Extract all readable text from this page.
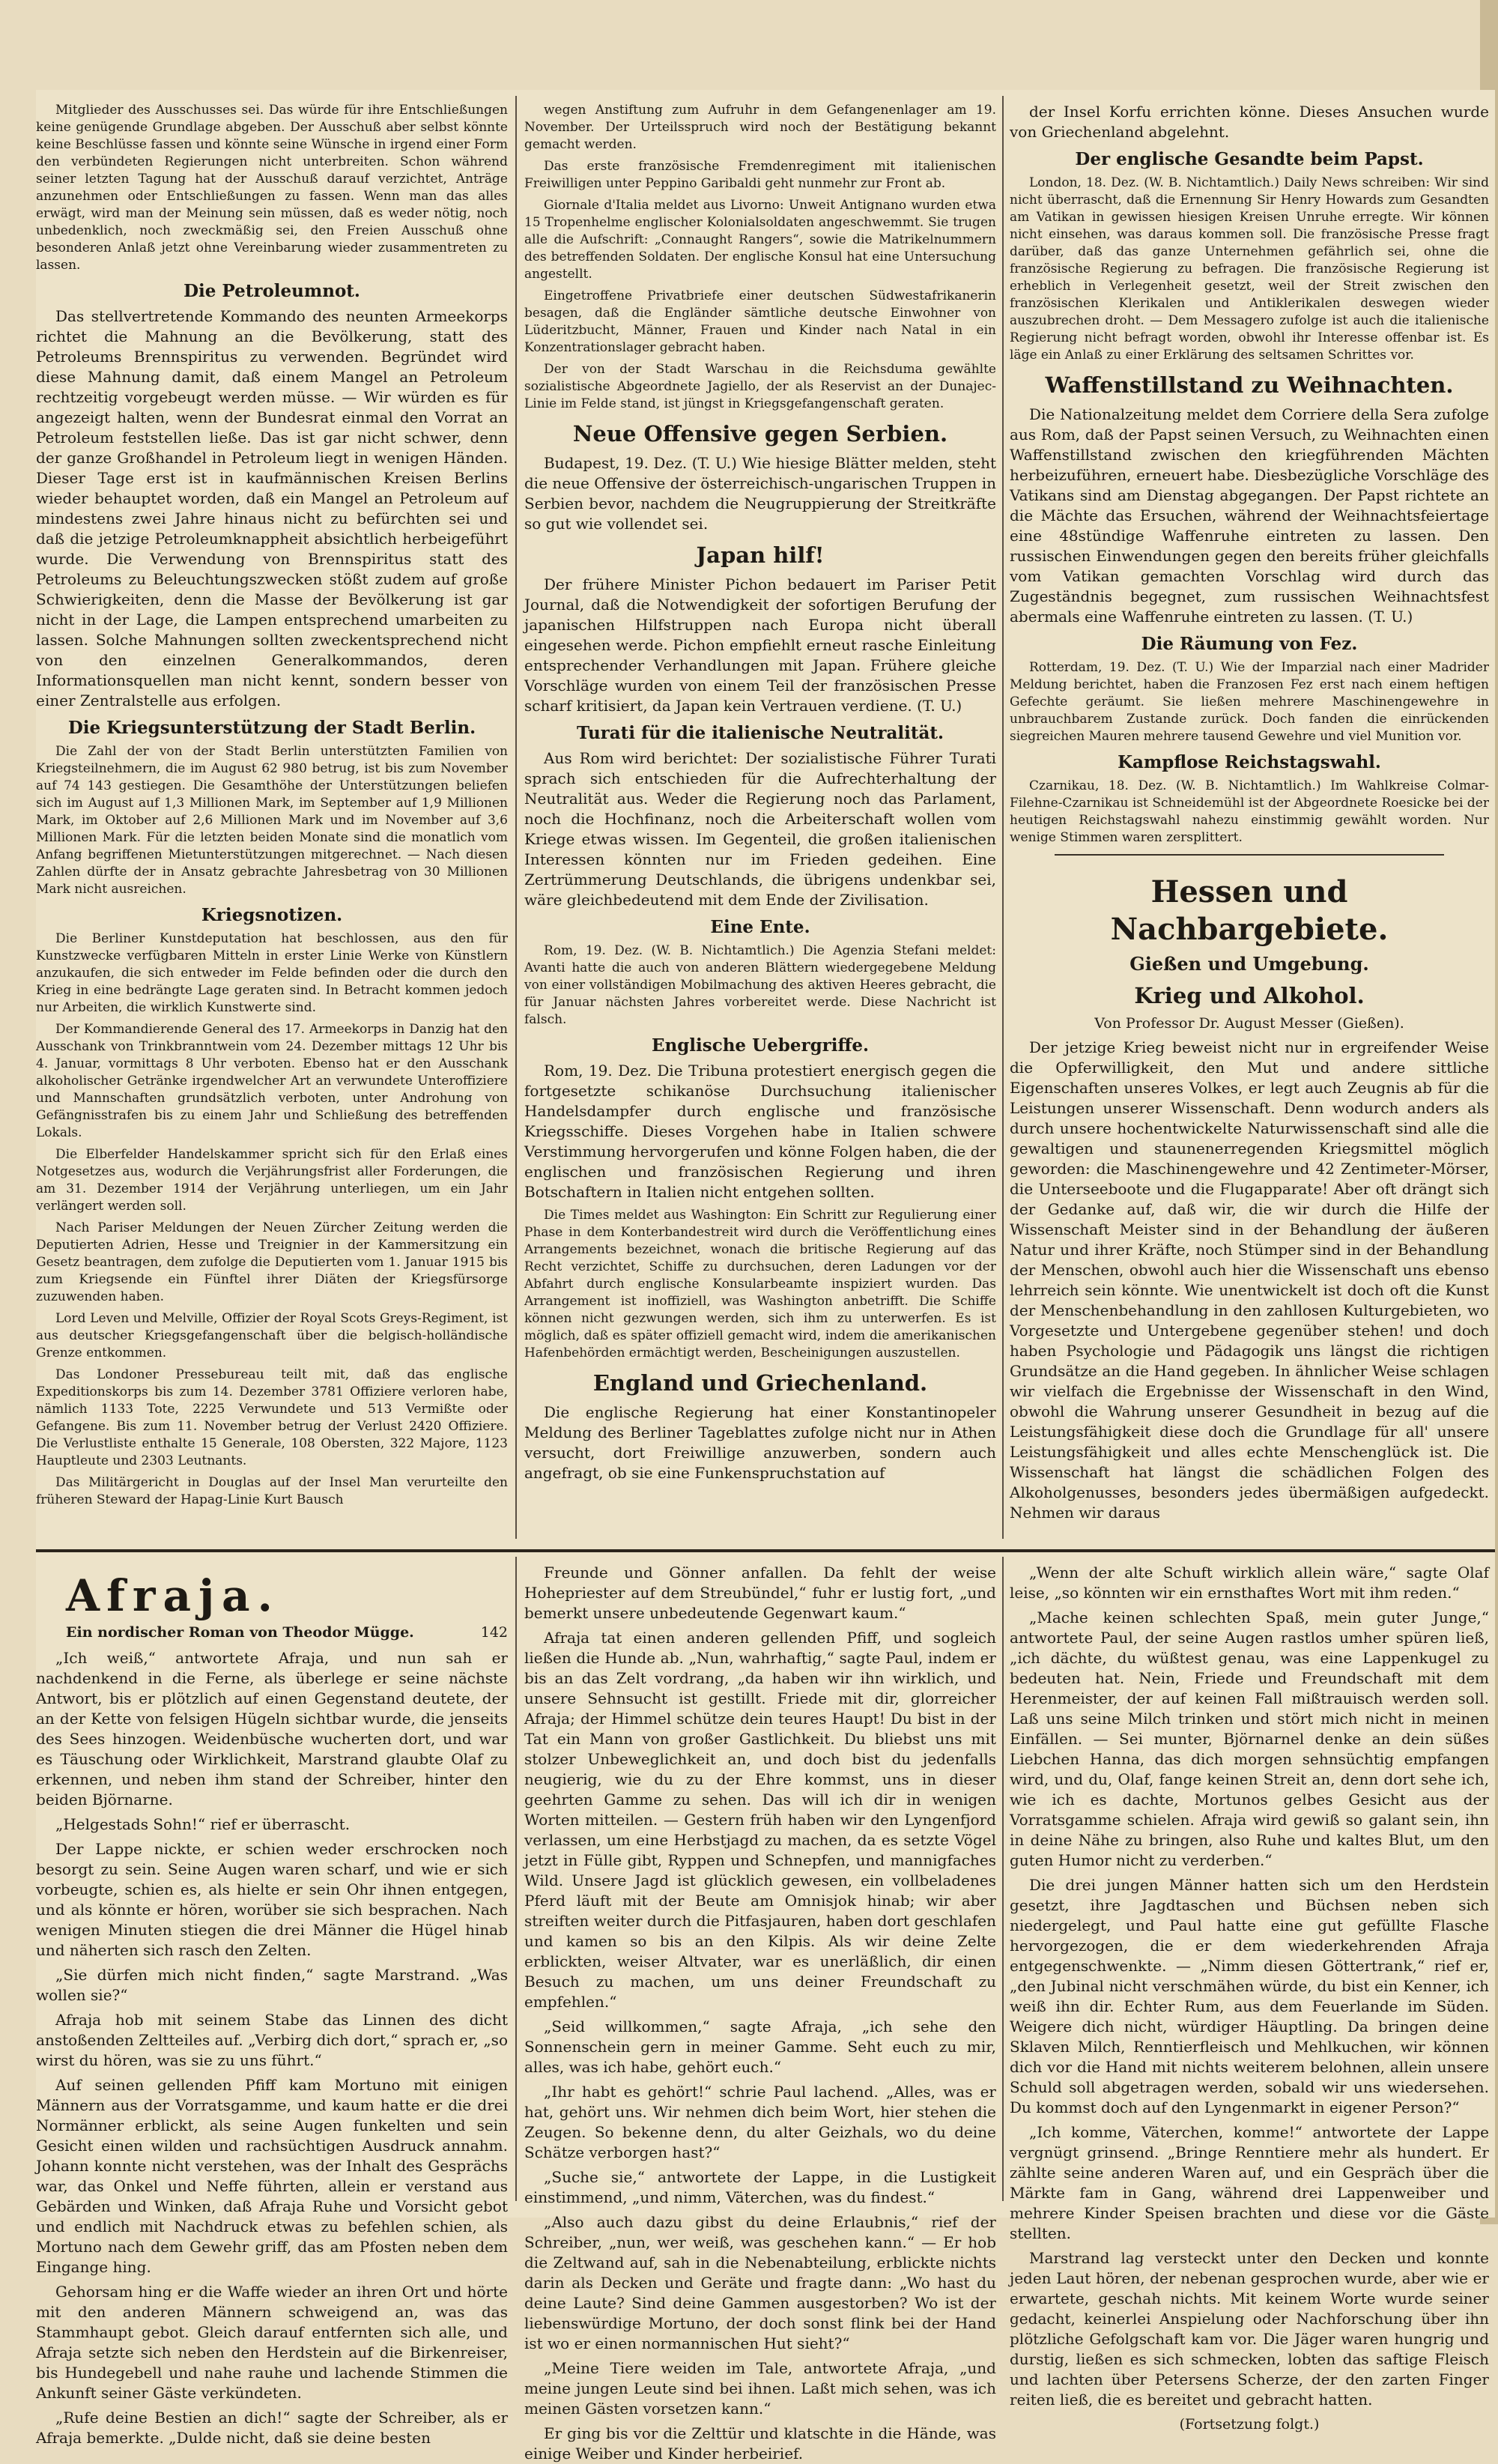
Mitglieder des Ausschusses sei. Das würde für ihre Entschließungen keine genügende Grundlage abgeben. Der Ausschuß aber selbst könnte keine Beschlüsse fassen und könnte seine Wünsche in irgend einer Form den verbündeten Regierungen nicht unterbreiten. Schon während seiner letzten Tagung hat der Ausschuß darauf verzichtet, Anträge anzunehmen oder Entschließungen zu fassen. Wenn man das alles erwägt, wird man der Meinung sein müssen, daß es weder nötig, noch unbedenklich, noch zweckmäßig sei, den Freien Ausschuß ohne besonderen Anlaß jetzt ohne Vereinbarung wieder zusammentreten zu lassen.

Die Petroleumnot.

Das stellvertretende Kommando des neunten Armeekorps richtet die Mahnung an die Bevölkerung, statt des Petroleums Brennspiritus zu verwenden. Begründet wird diese Mahnung damit, daß einem Mangel an Petroleum rechtzeitig vorgebeugt werden müsse. — Wir würden es für angezeigt halten, wenn der Bundesrat einmal den Vorrat an Petroleum feststellen ließe. Das ist gar nicht schwer, denn der ganze Großhandel in Petroleum liegt in wenigen Händen. Dieser Tage erst ist in kaufmännischen Kreisen Berlins wieder behauptet worden, daß ein Mangel an Petroleum auf mindestens zwei Jahre hinaus nicht zu befürchten sei und daß die jetzige Petroleumknappheit absichtlich herbeigeführt wurde. Die Verwendung von Brennspiritus statt des Petroleums zu Beleuchtungszwecken stößt zudem auf große Schwierigkeiten, denn die Masse der Bevölkerung ist gar nicht in der Lage, die Lampen entsprechend umarbeiten zu lassen. Solche Mahnungen sollten zweckentsprechend nicht von den einzelnen Generalkommandos, deren Informationsquellen man nicht kennt, sondern besser von einer Zentralstelle aus erfolgen.

Die Kriegsunterstützung der Stadt Berlin.

Die Zahl der von der Stadt Berlin unterstützten Familien von Kriegsteilnehmern, die im August 62 980 betrug, ist bis zum November auf 74 143 gestiegen. Die Gesamthöhe der Unterstützungen beliefen sich im August auf 1,3 Millionen Mark, im September auf 1,9 Millionen Mark, im Oktober auf 2,6 Millionen Mark und im November auf 3,6 Millionen Mark. Für die letzten beiden Monate sind die monatlich vom Anfang begriffenen Mietunterstützungen mitgerechnet. — Nach diesen Zahlen dürfte der in Ansatz gebrachte Jahresbetrag von 30 Millionen Mark nicht ausreichen.

Kriegsnotizen.

Die Berliner Kunstdeputation hat beschlossen, aus den für Kunstzwecke verfügbaren Mitteln in erster Linie Werke von Künstlern anzukaufen, die sich entweder im Felde befinden oder die durch den Krieg in eine bedrängte Lage geraten sind. In Betracht kommen jedoch nur Arbeiten, die wirklich Kunstwerte sind.

Der Kommandierende General des 17. Armeekorps in Danzig hat den Ausschank von Trinkbranntwein vom 24. Dezember mittags 12 Uhr bis 4. Januar, vormittags 8 Uhr verboten. Ebenso hat er den Ausschank alkoholischer Getränke irgendwelcher Art an verwundete Unteroffiziere und Mannschaften grundsätzlich verboten, unter Androhung von Gefängnisstrafen bis zu einem Jahr und Schließung des betreffenden Lokals.

Die Elberfelder Handelskammer spricht sich für den Erlaß eines Notgesetzes aus, wodurch die Verjährungsfrist aller Forderungen, die am 31. Dezember 1914 der Verjährung unterliegen, um ein Jahr verlängert werden soll.

Nach Pariser Meldungen der Neuen Zürcher Zeitung werden die Deputierten Adrien, Hesse und Treignier in der Kammersitzung ein Gesetz beantragen, dem zufolge die Deputierten vom 1. Januar 1915 bis zum Kriegsende ein Fünftel ihrer Diäten der Kriegsfürsorge zuzuwenden haben.

Lord Leven und Melville, Offizier der Royal Scots Greys-Regiment, ist aus deutscher Kriegsgefangenschaft über die belgisch-holländische Grenze entkommen.

Das Londoner Pressebureau teilt mit, daß das englische Expeditionskorps bis zum 14. Dezember 3781 Offiziere verloren habe, nämlich 1133 Tote, 2225 Verwundete und 513 Vermißte oder Gefangene. Bis zum 11. November betrug der Verlust 2420 Offiziere. Die Verlustliste enthalte 15 Generale, 108 Obersten, 322 Majore, 1123 Hauptleute und 2303 Leutnants.

Das Militärgericht in Douglas auf der Insel Man verurteilte den früheren Steward der Hapag-Linie Kurt Bausch

wegen Anstiftung zum Aufruhr in dem Gefangenenlager am 19. November. Der Urteilsspruch wird noch der Bestätigung bekannt gemacht werden.

Das erste französische Fremdenregiment mit italienischen Freiwilligen unter Peppino Garibaldi geht nunmehr zur Front ab.

Giornale d'Italia meldet aus Livorno: Unweit Antignano wurden etwa 15 Tropenhelme englischer Kolonialsoldaten angeschwemmt. Sie trugen alle die Aufschrift: „Connaught Rangers“, sowie die Matrikelnummern des betreffenden Soldaten. Der englische Konsul hat eine Untersuchung angestellt.

Eingetroffene Privatbriefe einer deutschen Südwestafrikanerin besagen, daß die Engländer sämtliche deutsche Einwohner von Lüderitzbucht, Männer, Frauen und Kinder nach Natal in ein Konzentrationslager gebracht haben.

Der von der Stadt Warschau in die Reichsduma gewählte sozialistische Abgeordnete Jagiello, der als Reservist an der Dunajec-Linie im Felde stand, ist jüngst in Kriegsgefangenschaft geraten.

Neue Offensive gegen Serbien.

Budapest, 19. Dez. (T. U.) Wie hiesige Blätter melden, steht die neue Offensive der österreichisch-ungarischen Truppen in Serbien bevor, nachdem die Neugruppierung der Streitkräfte so gut wie vollendet sei.

Japan hilf!

Der frühere Minister Pichon bedauert im Pariser Petit Journal, daß die Notwendigkeit der sofortigen Berufung der japanischen Hilfstruppen nach Europa nicht überall eingesehen werde. Pichon empfiehlt erneut rasche Einleitung entsprechender Verhandlungen mit Japan. Frühere gleiche Vorschläge wurden von einem Teil der französischen Presse scharf kritisiert, da Japan kein Vertrauen verdiene. (T. U.)

Turati für die italienische Neutralität.

Aus Rom wird berichtet: Der sozialistische Führer Turati sprach sich entschieden für die Aufrechterhaltung der Neutralität aus. Weder die Regierung noch das Parlament, noch die Hochfinanz, noch die Arbeiterschaft wollen vom Kriege etwas wissen. Im Gegenteil, die großen italienischen Interessen könnten nur im Frieden gedeihen. Eine Zertrümmerung Deutschlands, die übrigens undenkbar sei, wäre gleichbedeutend mit dem Ende der Zivilisation.

Eine Ente.

Rom, 19. Dez. (W. B. Nichtamtlich.) Die Agenzia Stefani meldet: Avanti hatte die auch von anderen Blättern wiedergegebene Meldung von einer vollständigen Mobilmachung des aktiven Heeres gebracht, die für Januar nächsten Jahres vorbereitet werde. Diese Nachricht ist falsch.

Englische Uebergriffe.

Rom, 19. Dez. Die Tribuna protestiert energisch gegen die fortgesetzte schikanöse Durchsuchung italienischer Handelsdampfer durch englische und französische Kriegsschiffe. Dieses Vorgehen habe in Italien schwere Verstimmung hervorgerufen und könne Folgen haben, die der englischen und französischen Regierung und ihren Botschaftern in Italien nicht entgehen sollten.

Die Times meldet aus Washington: Ein Schritt zur Regulierung einer Phase in dem Konterbandestreit wird durch die Veröffentlichung eines Arrangements bezeichnet, wonach die britische Regierung auf das Recht verzichtet, Schiffe zu durchsuchen, deren Ladungen vor der Abfahrt durch englische Konsularbeamte inspiziert wurden. Das Arrangement ist inoffiziell, was Washington anbetrifft. Die Schiffe können nicht gezwungen werden, sich ihm zu unterwerfen. Es ist möglich, daß es später offiziell gemacht wird, indem die amerikanischen Hafenbehörden ermächtigt werden, Bescheinigungen auszustellen.

England und Griechenland.

Die englische Regierung hat einer Konstantinopeler Meldung des Berliner Tageblattes zufolge nicht nur in Athen versucht, dort Freiwillige anzuwerben, sondern auch angefragt, ob sie eine Funkenspruchstation auf

der Insel Korfu errichten könne. Dieses Ansuchen wurde von Griechenland abgelehnt.

Der englische Gesandte beim Papst.

London, 18. Dez. (W. B. Nichtamtlich.) Daily News schreiben: Wir sind nicht überrascht, daß die Ernennung Sir Henry Howards zum Gesandten am Vatikan in gewissen hiesigen Kreisen Unruhe erregte. Wir können nicht einsehen, was daraus kommen soll. Die französische Presse fragt darüber, daß das ganze Unternehmen gefährlich sei, ohne die französische Regierung zu befragen. Die französische Regierung ist erheblich in Verlegenheit gesetzt, weil der Streit zwischen den französischen Klerikalen und Antiklerikalen deswegen wieder auszubrechen droht. — Dem Messagero zufolge ist auch die italienische Regierung nicht befragt worden, obwohl ihr Interesse offenbar ist. Es läge ein Anlaß zu einer Erklärung des seltsamen Schrittes vor.

Waffenstillstand zu Weihnachten.

Die Nationalzeitung meldet dem Corriere della Sera zufolge aus Rom, daß der Papst seinen Versuch, zu Weihnachten einen Waffenstillstand zwischen den kriegführenden Mächten herbeizuführen, erneuert habe. Diesbezügliche Vorschläge des Vatikans sind am Dienstag abgegangen. Der Papst richtete an die Mächte das Ersuchen, während der Weihnachtsfeiertage eine 48stündige Waffenruhe eintreten zu lassen. Den russischen Einwendungen gegen den bereits früher gleichfalls vom Vatikan gemachten Vorschlag wird durch das Zugeständnis begegnet, zum russischen Weihnachtsfest abermals eine Waffenruhe eintreten zu lassen. (T. U.)

Die Räumung von Fez.

Rotterdam, 19. Dez. (T. U.) Wie der Imparzial nach einer Madrider Meldung berichtet, haben die Franzosen Fez erst nach einem heftigen Gefechte geräumt. Sie ließen mehrere Maschinengewehre in unbrauchbarem Zustande zurück. Doch fanden die einrückenden siegreichen Mauren mehrere tausend Gewehre und viel Munition vor.

Kampflose Reichstagswahl.

Czarnikau, 18. Dez. (W. B. Nichtamtlich.) Im Wahlkreise Colmar-Filehne-Czarnikau ist Schneidemühl ist der Abgeordnete Roesicke bei der heutigen Reichstagswahl nahezu einstimmig gewählt worden. Nur wenige Stimmen waren zersplittert.

Hessen und Nachbargebiete.
Gießen und Umgebung.
Krieg und Alkohol.
Von Professor Dr. August Messer (Gießen).

Der jetzige Krieg beweist nicht nur in ergreifender Weise die Opferwilligkeit, den Mut und andere sittliche Eigenschaften unseres Volkes, er legt auch Zeugnis ab für die Leistungen unserer Wissenschaft. Denn wodurch anders als durch unsere hochentwickelte Naturwissenschaft sind alle die gewaltigen und staunenerregenden Kriegsmittel möglich geworden: die Maschinengewehre und 42 Zentimeter-Mörser, die Unterseeboote und die Flugapparate! Aber oft drängt sich der Gedanke auf, daß wir, die wir durch die Hilfe der Wissenschaft Meister sind in der Behandlung der äußeren Natur und ihrer Kräfte, noch Stümper sind in der Behandlung der Menschen, obwohl auch hier die Wissenschaft uns ebenso lehrreich sein könnte. Wie unentwickelt ist doch oft die Kunst der Menschenbehandlung in den zahllosen Kulturgebieten, wo Vorgesetzte und Untergebene gegenüber stehen! und doch haben Psychologie und Pädagogik uns längst die richtigen Grundsätze an die Hand gegeben. In ähnlicher Weise schlagen wir vielfach die Ergebnisse der Wissenschaft in den Wind, obwohl die Wahrung unserer Gesundheit in bezug auf die Leistungsfähigkeit diese doch die Grundlage für all' unsere Leistungsfähigkeit und alles echte Menschenglück ist. Die Wissenschaft hat längst die schädlichen Folgen des Alkoholgenusses, besonders jedes übermäßigen aufgedeckt. Nehmen wir daraus

Afraja.
Ein nordischer Roman von Theodor Mügge.	142

„Ich weiß,“ antwortete Afraja, und nun sah er nachdenkend in die Ferne, als überlege er seine nächste Antwort, bis er plötzlich auf einen Gegenstand deutete, der an der Kette von felsigen Hügeln sichtbar wurde, die jenseits des Sees hinzogen. Weidenbüsche wucherten dort, und war es Täuschung oder Wirklichkeit, Marstrand glaubte Olaf zu erkennen, und neben ihm stand der Schreiber, hinter den beiden Björnarne.

„Helgestads Sohn!“ rief er überrascht.

Der Lappe nickte, er schien weder erschrocken noch besorgt zu sein. Seine Augen waren scharf, und wie er sich vorbeugte, schien es, als hielte er sein Ohr ihnen entgegen, und als könnte er hören, worüber sie sich besprachen. Nach wenigen Minuten stiegen die drei Männer die Hügel hinab und näherten sich rasch den Zelten.

„Sie dürfen mich nicht finden,“ sagte Marstrand. „Was wollen sie?“

Afraja hob mit seinem Stabe das Linnen des dicht anstoßenden Zeltteiles auf. „Verbirg dich dort,“ sprach er, „so wirst du hören, was sie zu uns führt.“

Auf seinen gellenden Pfiff kam Mortuno mit einigen Männern aus der Vorratsgamme, und kaum hatte er die drei Normänner erblickt, als seine Augen funkelten und sein Gesicht einen wilden und rachsüchtigen Ausdruck annahm. Johann konnte nicht verstehen, was der Inhalt des Gesprächs war, das Onkel und Neffe führten, allein er verstand aus Gebärden und Winken, daß Afraja Ruhe und Vorsicht gebot und endlich mit Nachdruck etwas zu befehlen schien, als Mortuno nach dem Gewehr griff, das am Pfosten neben dem Eingange hing.

Gehorsam hing er die Waffe wieder an ihren Ort und hörte mit den anderen Männern schweigend an, was das Stammhaupt gebot. Gleich darauf entfernten sich alle, und Afraja setzte sich neben den Herdstein auf die Birkenreiser, bis Hundegebell und nahe rauhe und lachende Stimmen die Ankunft seiner Gäste verkündeten.

„Rufe deine Bestien an dich!“ sagte der Schreiber, als er Afraja bemerkte. „Dulde nicht, daß sie deine besten

Freunde und Gönner anfallen. Da fehlt der weise Hohepriester auf dem Streubündel,“ fuhr er lustig fort, „und bemerkt unsere unbedeutende Gegenwart kaum.“

Afraja tat einen anderen gellenden Pfiff, und sogleich ließen die Hunde ab. „Nun, wahrhaftig,“ sagte Paul, indem er bis an das Zelt vordrang, „da haben wir ihn wirklich, und unsere Sehnsucht ist gestillt. Friede mit dir, glorreicher Afraja; der Himmel schütze dein teures Haupt! Du bist in der Tat ein Mann von großer Gastlichkeit. Du bliebst uns mit stolzer Unbeweglichkeit an, und doch bist du jedenfalls neugierig, wie du zu der Ehre kommst, uns in dieser geehrten Gamme zu sehen. Das will ich dir in wenigen Worten mitteilen. — Gestern früh haben wir den Lyngenfjord verlassen, um eine Herbstjagd zu machen, da es setzte Vögel jetzt in Fülle gibt, Ryppen und Schnepfen, und mannigfaches Wild. Unsere Jagd ist glücklich gewesen, ein vollbeladenes Pferd läuft mit der Beute am Omnisjok hinab; wir aber streiften weiter durch die Pitfasjauren, haben dort geschlafen und kamen so bis an den Kilpis. Als wir deine Zelte erblickten, weiser Altvater, war es unerläßlich, dir einen Besuch zu machen, um uns deiner Freundschaft zu empfehlen.“

„Seid willkommen,“ sagte Afraja, „ich sehe den Sonnenschein gern in meiner Gamme. Seht euch zu mir, alles, was ich habe, gehört euch.“

„Ihr habt es gehört!“ schrie Paul lachend. „Alles, was er hat, gehört uns. Wir nehmen dich beim Wort, hier stehen die Zeugen. So bekenne denn, du alter Geizhals, wo du deine Schätze verborgen hast?“

„Suche sie,“ antwortete der Lappe, in die Lustigkeit einstimmend, „und nimm, Väterchen, was du findest.“

„Also auch dazu gibst du deine Erlaubnis,“ rief der Schreiber, „nun, wer weiß, was geschehen kann.“ — Er hob die Zeltwand auf, sah in die Nebenabteilung, erblickte nichts darin als Decken und Geräte und fragte dann: „Wo hast du deine Laute? Sind deine Gammen ausgestorben? Wo ist der liebenswürdige Mortuno, der doch sonst flink bei der Hand ist wo er einen normannischen Hut sieht?“

„Meine Tiere weiden im Tale, antwortete Afraja, „und meine jungen Leute sind bei ihnen. Laßt mich sehen, was ich meinen Gästen vorsetzen kann.“

Er ging bis vor die Zelttür und klatschte in die Hände, was einige Weiber und Kinder herbeirief.

„Wenn der alte Schuft wirklich allein wäre,“ sagte Olaf leise, „so könnten wir ein ernsthaftes Wort mit ihm reden.“

„Mache keinen schlechten Spaß, mein guter Junge,“ antwortete Paul, der seine Augen rastlos umher spüren ließ, „ich dächte, du wüßtest genau, was eine Lappenkugel zu bedeuten hat. Nein, Friede und Freundschaft mit dem Herenmeister, der auf keinen Fall mißtrauisch werden soll. Laß uns seine Milch trinken und stört mich nicht in meinen Einfällen. — Sei munter, Björnarnel denke an dein süßes Liebchen Hanna, das dich morgen sehnsüchtig empfangen wird, und du, Olaf, fange keinen Streit an, denn dort sehe ich, wie ich es dachte, Mortunos gelbes Gesicht aus der Vorratsgamme schielen. Afraja wird gewiß so galant sein, ihn in deine Nähe zu bringen, also Ruhe und kaltes Blut, um den guten Humor nicht zu verderben.“

Die drei jungen Männer hatten sich um den Herdstein gesetzt, ihre Jagdtaschen und Büchsen neben sich niedergelegt, und Paul hatte eine gut gefüllte Flasche hervorgezogen, die er dem wiederkehrenden Afraja entgegenschwenkte. — „Nimm diesen Göttertrank,“ rief er, „den Jubinal nicht verschmähen würde, du bist ein Kenner, ich weiß ihn dir. Echter Rum, aus dem Feuerlande im Süden. Weigere dich nicht, würdiger Häuptling. Da bringen deine Sklaven Milch, Renntierfleisch und Mehlkuchen, wir können dich vor die Hand mit nichts weiterem belohnen, allein unsere Schuld soll abgetragen werden, sobald wir uns wiedersehen. Du kommst doch auf den Lyngenmarkt in eigener Person?“

„Ich komme, Väterchen, komme!“ antwortete der Lappe vergnügt grinsend. „Bringe Renntiere mehr als hundert. Er zählte seine anderen Waren auf, und ein Gespräch über die Märkte fam in Gang, während drei Lappenweiber und mehrere Kinder Speisen brachten und diese vor die Gäste stellten.

Marstrand lag versteckt unter den Decken und konnte jeden Laut hören, der nebenan gesprochen wurde, aber wie er erwartete, geschah nichts. Mit keinem Worte wurde seiner gedacht, keinerlei Anspielung oder Nachforschung über ihn plötzliche Gefolgschaft kam vor. Die Jäger waren hungrig und durstig, ließen es sich schmecken, lobten das saftige Fleisch und lachten über Petersens Scherze, der den zarten Finger reiten ließ, die es bereitet und gebracht hatten.

(Fortsetzung folgt.)
